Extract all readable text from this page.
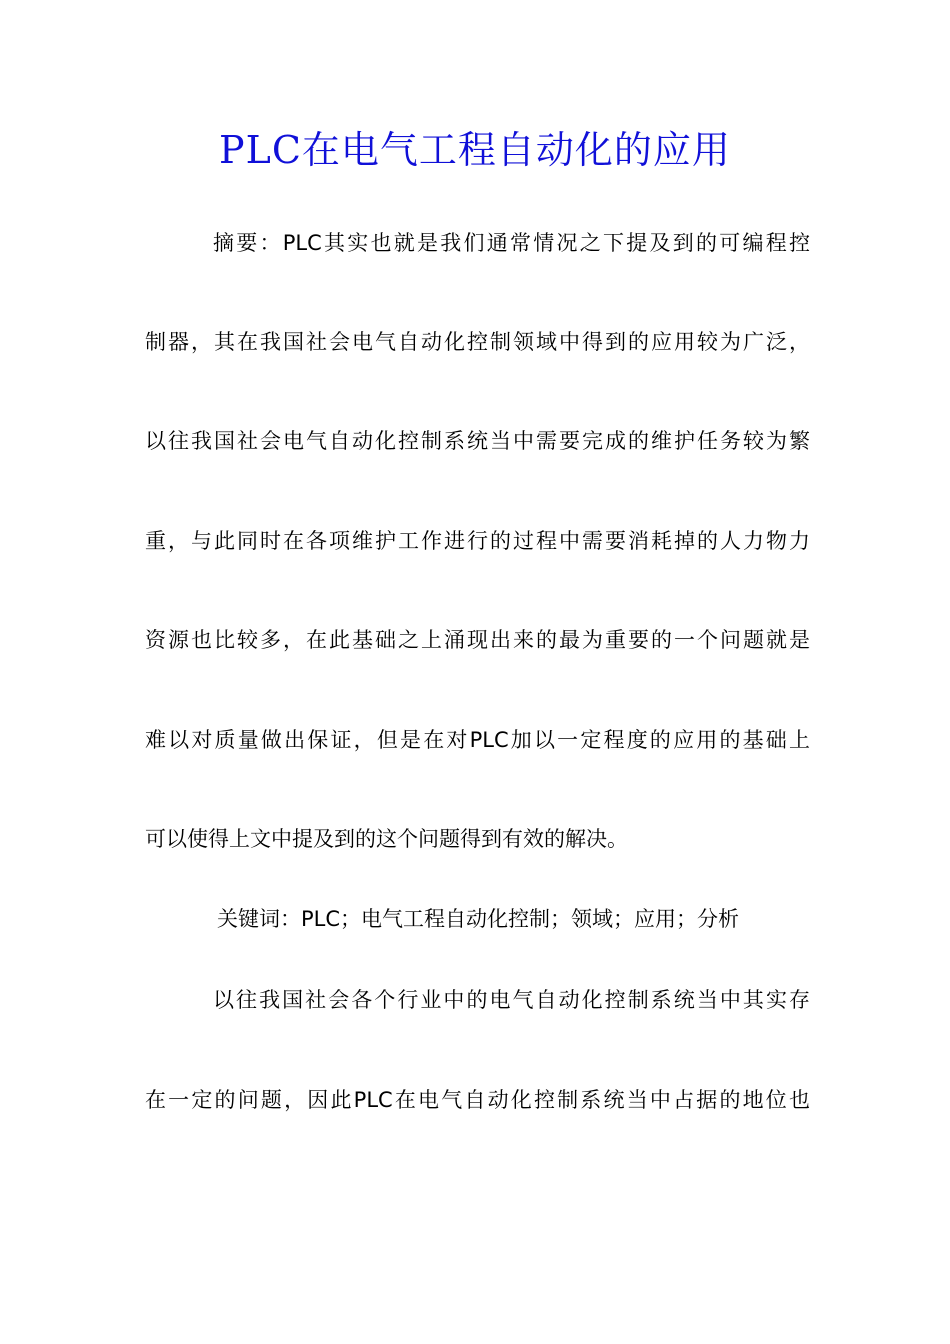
PLC在电气工程自动化的应用
摘要：PLC其实也就是我们通常情况之下提及到的可编程控
制器，其在我国社会电气自动化控制领域中得到的应用较为广泛，
以往我国社会电气自动化控制系统当中需要完成的维护任务较为繁
重，与此同时在各项维护工作进行的过程中需要消耗掉的人力物力
资源也比较多，在此基础之上涌现出来的最为重要的一个问题就是
难以对质量做出保证，但是在对PLC加以一定程度的应用的基础上
可以使得上文中提及到的这个问题得到有效的解决。
关键词：PLC；电气工程自动化控制；领域；应用；分析
以往我国社会各个行业中的电气自动化控制系统当中其实存
在一定的问题，因此PLC在电气自动化控制系统当中占据的地位也
